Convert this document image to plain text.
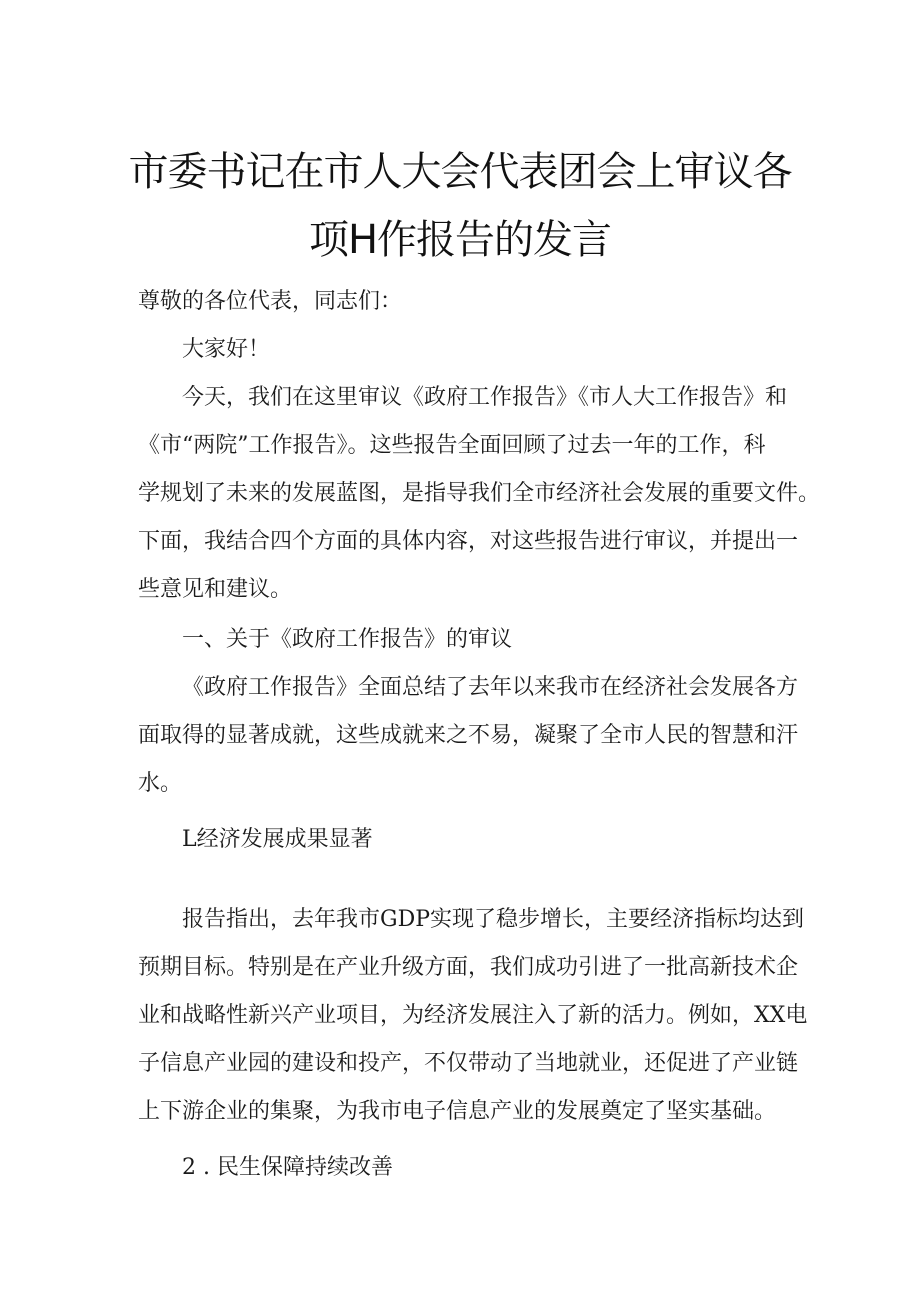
市委书记在市人大会代表团会上审议各
项H作报告的发言

尊敬的各位代表，同志们：

大家好！

今天，我们在这里审议《政府工作报告》《市人大工作报告》和

《市“两院”工作报告》。这些报告全面回顾了过去一年的工作，科

学规划了未来的发展蓝图，是指导我们全市经济社会发展的重要文件。

下面，我结合四个方面的具体内容，对这些报告进行审议，并提出一

些意见和建议。

一、关于《政府工作报告》的审议

《政府工作报告》全面总结了去年以来我市在经济社会发展各方

面取得的显著成就，这些成就来之不易，凝聚了全市人民的智慧和汗

水。

L经济发展成果显著

报告指出，去年我市GDP实现了稳步增长，主要经济指标均达到

预期目标。特别是在产业升级方面，我们成功引进了一批高新技术企

业和战略性新兴产业项目，为经济发展注入了新的活力。例如，XX电

子信息产业园的建设和投产，不仅带动了当地就业，还促进了产业链

上下游企业的集聚，为我市电子信息产业的发展奠定了坚实基础。

2 . 民生保障持续改善
